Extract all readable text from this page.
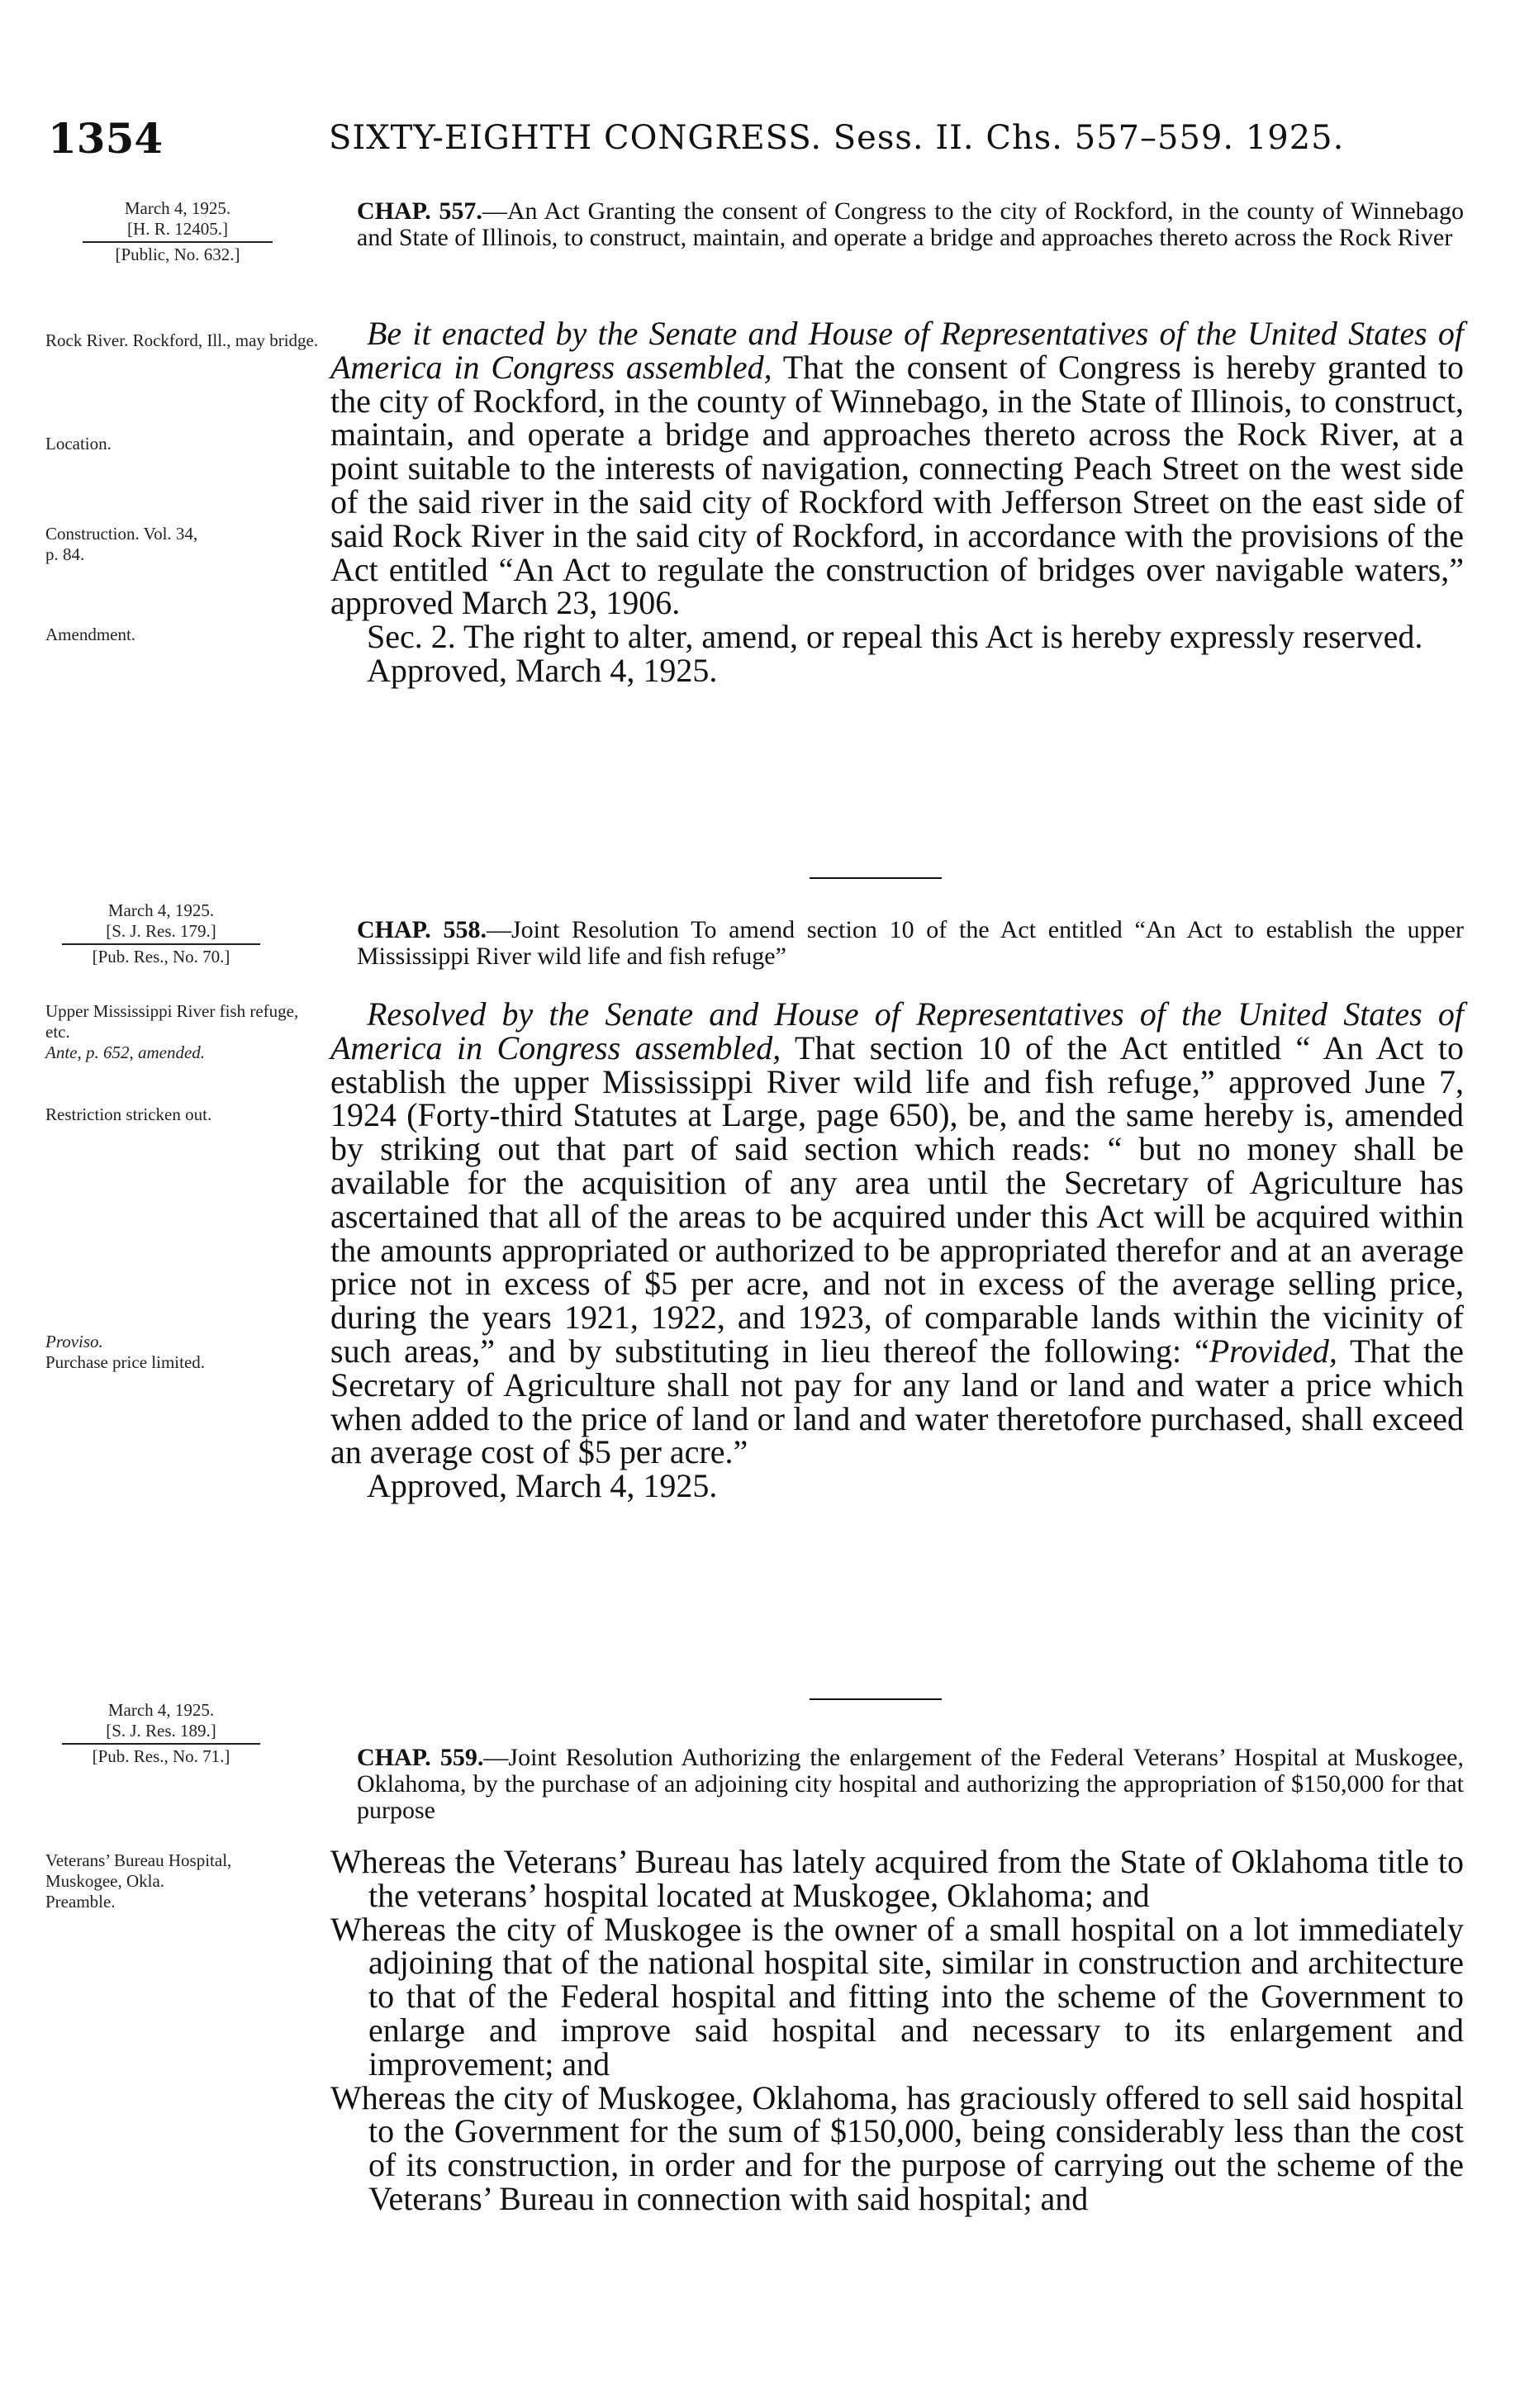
1354	SIXTY-EIGHTH CONGRESS. Sess. II. Chs. 557–559. 1925.
March 4, 1925.
[H. R. 12405.]
[Public, No. 632.]
CHAP. 557.—An Act Granting the consent of Congress to the city of Rockford, in the county of Winnebago and State of Illinois, to construct, maintain, and operate a bridge and approaches thereto across the Rock River
Rock River. Rockford, Ill., may bridge.
Location.
Construction. Vol. 34, p. 84.
Amendment.

Be it enacted by the Senate and House of Representatives of the United States of America in Congress assembled, That the consent of Congress is hereby granted to the city of Rockford, in the county of Winnebago, in the State of Illinois, to construct, maintain, and operate a bridge and approaches thereto across the Rock River, at a point suitable to the interests of navigation, connecting Peach Street on the west side of the said river in the said city of Rockford with Jefferson Street on the east side of said Rock River in the said city of Rockford, in accordance with the provisions of the Act entitled “An Act to regulate the construction of bridges over navigable waters,” approved March 23, 1906.

Sec. 2. The right to alter, amend, or repeal this Act is hereby expressly reserved.

Approved, March 4, 1925.

March 4, 1925.
[S. J. Res. 179.]
[Pub. Res., No. 70.]
CHAP. 558.—Joint Resolution To amend section 10 of the Act entitled “An Act to establish the upper Mississippi River wild life and fish refuge”
Upper Mississippi River fish refuge, etc.
Ante, p. 652, amended.
Restriction stricken out.
Proviso.
Purchase price limited.

Resolved by the Senate and House of Representatives of the United States of America in Congress assembled, That section 10 of the Act entitled “ An Act to establish the upper Mississippi River wild life and fish refuge,” approved June 7, 1924 (Forty-third Statutes at Large, page 650), be, and the same hereby is, amended by striking out that part of said section which reads: “ but no money shall be available for the acquisition of any area until the Secretary of Agriculture has ascertained that all of the areas to be acquired under this Act will be acquired within the amounts appropriated or authorized to be appropriated therefor and at an average price not in excess of $5 per acre, and not in excess of the average selling price, during the years 1921, 1922, and 1923, of comparable lands within the vicinity of such areas,” and by substituting in lieu thereof the following: “Provided, That the Secretary of Agriculture shall not pay for any land or land and water a price which when added to the price of land or land and water theretofore purchased, shall exceed an average cost of $5 per acre.”

Approved, March 4, 1925.

March 4, 1925.
[S. J. Res. 189.]
[Pub. Res., No. 71.]	CHAP. 559.—Joint Resolution Authorizing the enlargement of the Federal Veterans’ Hospital at Muskogee, Oklahoma, by the purchase of an adjoining city hospital and authorizing the appropriation of $150,000 for that purpose
Veterans’ Bureau Hospital, Muskogee, Okla.
Preamble.

Whereas the Veterans’ Bureau has lately acquired from the State of Oklahoma title to the veterans’ hospital located at Muskogee, Oklahoma; and

Whereas the city of Muskogee is the owner of a small hospital on a lot immediately adjoining that of the national hospital site, similar in construction and architecture to that of the Federal hospital and fitting into the scheme of the Government to enlarge and improve said hospital and necessary to its enlargement and improvement; and

Whereas the city of Muskogee, Oklahoma, has graciously offered to sell said hospital to the Government for the sum of $150,000, being considerably less than the cost of its construction, in order and for the purpose of carrying out the scheme of the Veterans’ Bureau in connection with said hospital; and
